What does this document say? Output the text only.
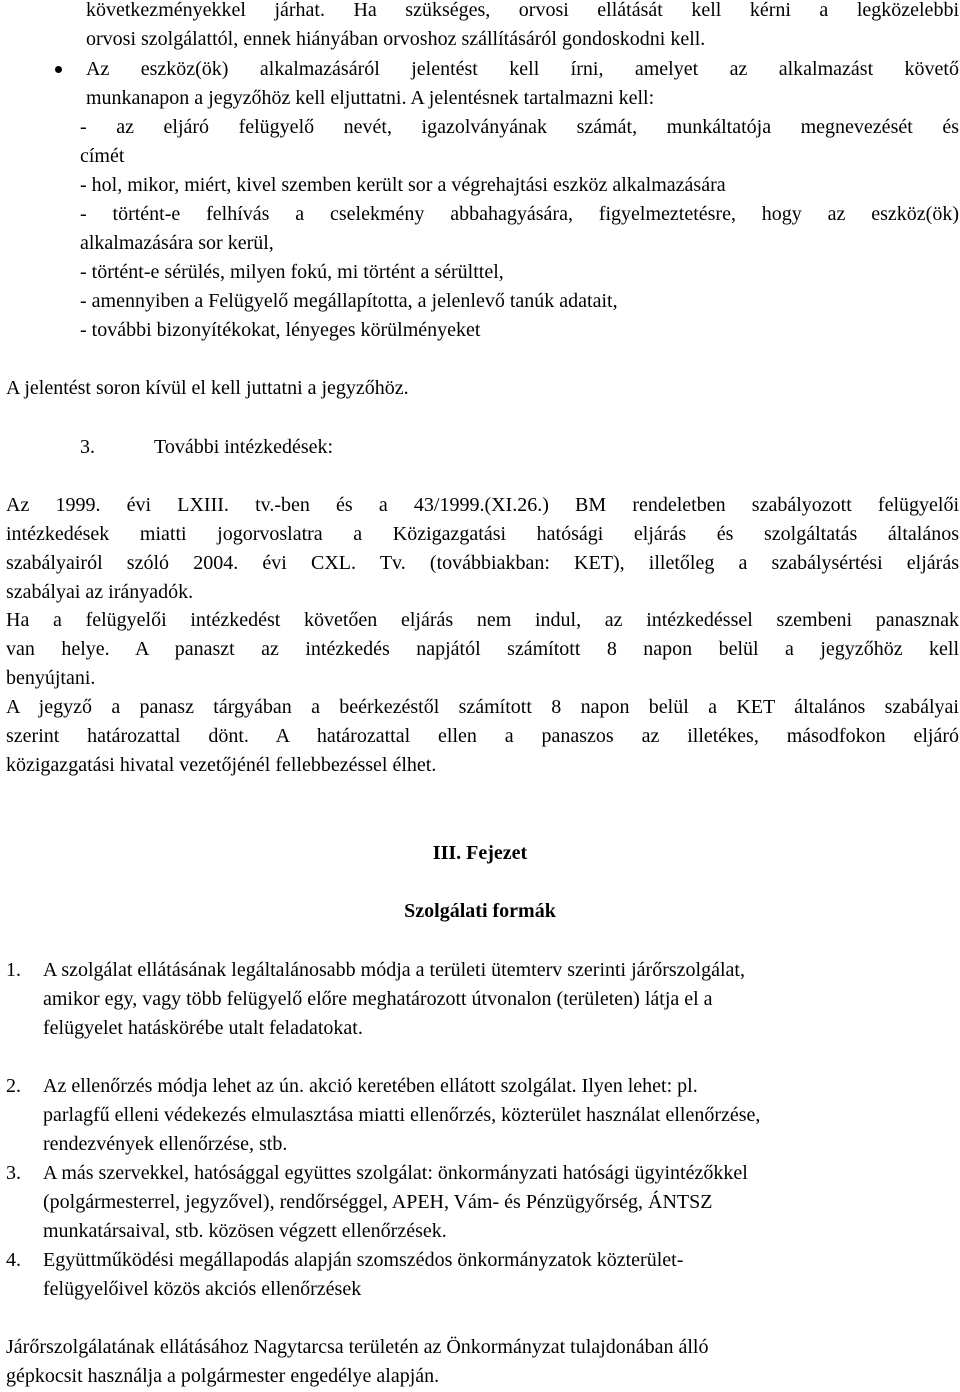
következményekkel járhat. Ha szükséges, orvosi ellátását kell kérni a legközelebbi
orvosi szolgálattól, ennek hiányában orvoshoz szállításáról gondoskodni kell.
Az eszköz(ök) alkalmazásáról jelentést kell írni, amelyet az alkalmazást követő
munkanapon a jegyzőhöz kell eljuttatni. A jelentésnek tartalmazni kell:
- az eljáró felügyelő nevét, igazolványának számát, munkáltatója megnevezését és
címét
- hol, mikor, miért, kivel szemben került sor a végrehajtási eszköz alkalmazására
- történt-e felhívás a cselekmény abbahagyására, figyelmeztetésre, hogy az eszköz(ök)
alkalmazására sor kerül,
- történt-e sérülés, milyen fokú, mi történt a sérülttel,
- amennyiben a Felügyelő megállapította, a jelenlevő tanúk adatait,
- további bizonyítékokat, lényeges körülményeket
A jelentést soron kívül el kell juttatni a jegyzőhöz.
3.	További intézkedések:
Az 1999. évi LXIII. tv.-ben és a 43/1999.(XI.26.) BM rendeletben szabályozott felügyelői
intézkedések miatti jogorvoslatra a Közigazgatási hatósági eljárás és szolgáltatás általános
szabályairól szóló 2004. évi CXL. Tv. (továbbiakban: KET), illetőleg a szabálysértési eljárás
szabályai az irányadók.
Ha a felügyelői intézkedést követően eljárás nem indul, az intézkedéssel szembeni panasznak
van helye. A panaszt az intézkedés napjától számított 8 napon belül a jegyzőhöz kell
benyújtani.
A jegyző a panasz tárgyában a beérkezéstől számított 8 napon belül a KET általános szabályai
szerint határozattal dönt. A határozattal ellen a panaszos az illetékes, másodfokon eljáró
közigazgatási hivatal vezetőjénél fellebbezéssel élhet.
1. A szolgálat ellátásának legáltalánosabb módja a területi ütemterv szerinti járőrszolgálat,
amikor egy, vagy több felügyelő előre meghatározott útvonalon (területen) látja el a
felügyelet hatáskörébe utalt feladatokat.
2. Az ellenőrzés módja lehet az ún. akció keretében ellátott szolgálat. Ilyen lehet: pl.
parlagfű elleni védekezés elmulasztása miatti ellenőrzés, közterület használat ellenőrzése,
rendezvények ellenőrzése, stb.
3. A más szervekkel, hatósággal együttes szolgálat: önkormányzati hatósági ügyintézőkkel
(polgármesterrel, jegyzővel), rendőrséggel, APEH, Vám- és Pénzügyőrség, ÁNTSZ
munkatársaival, stb. közösen végzett ellenőrzések.
4. Együttműködési megállapodás alapján szomszédos önkormányzatok közterület-
felügyelőivel közös akciós ellenőrzések
Járőrszolgálatának ellátásához Nagytarcsa területén az Önkormányzat tulajdonában álló
gépkocsit használja a polgármester engedélye alapján.
III. Fejezet
Szolgálati formák
